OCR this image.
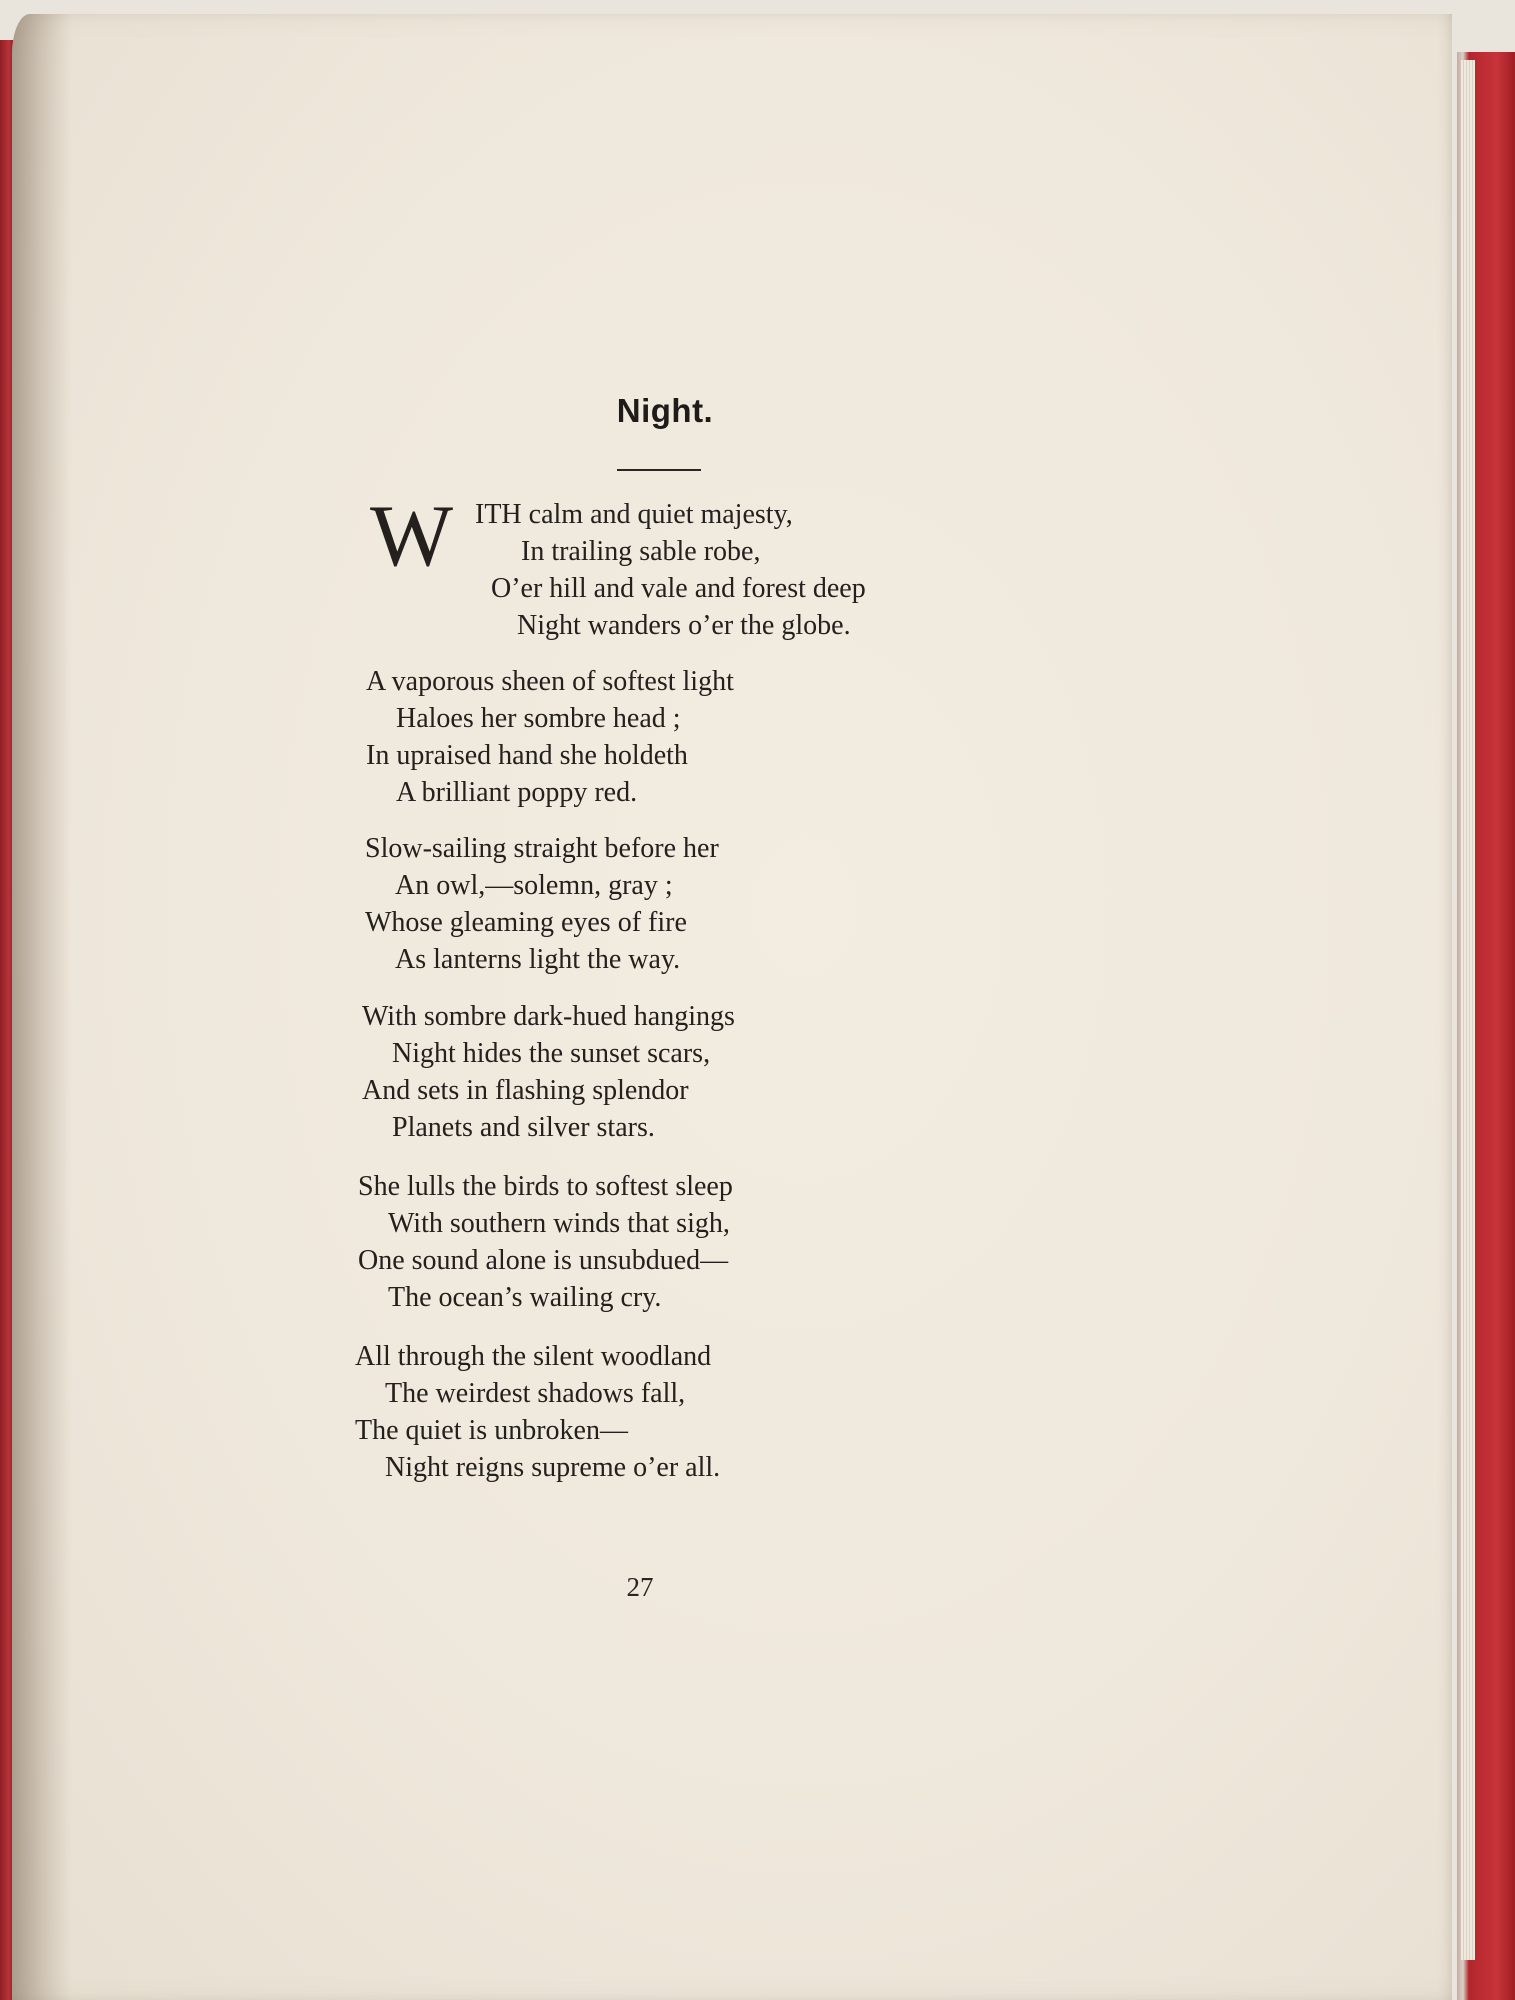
Night.
W ITH calm and quiet majesty,
In trailing sable robe,
O’er hill and vale and forest deep
Night wanders o’er the globe.
A vaporous sheen of softest light
Haloes her sombre head ;
In upraised hand she holdeth
A brilliant poppy red.
Slow-sailing straight before her
An owl,—solemn, gray ;
Whose gleaming eyes of fire
As lanterns light the way.
With sombre dark-hued hangings
Night hides the sunset scars,
And sets in flashing splendor
Planets and silver stars.
She lulls the birds to softest sleep
With southern winds that sigh,
One sound alone is unsubdued—
The ocean’s wailing cry.
All through the silent woodland
The weirdest shadows fall,
The quiet is unbroken—
Night reigns supreme o’er all.
27
